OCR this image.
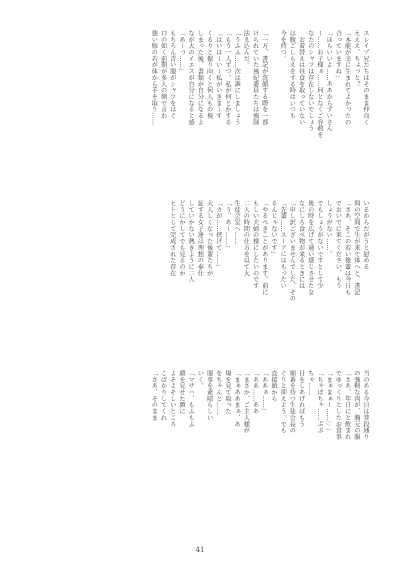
スレイプ兄たちはそのまま仲良く
えええ、ちょっと？
「本能が幸に生まれてよかったの
合っていますね」
「ほらいいよ……ああからずいさん
ー……お子様ぁ……何となくご容赦を
なたのシャツは存在しないでしょう
　お着替えは昼食を取っていない
は腹ごしらえをする時はいつも
今を持つ。
「一方、書記が洗顔する際を一部
けられていた風紀委員たちは強制
法え込んだ。
「うふふ……次は誰にしましょう
「もう一人ずつ。私が何とかする
「はいはーいー私がいきまーす
くるりと振り向くと何人もの視
しまった後、書類が自分になるよ
なが大のイエスが自分になると感
「あーっ……」
もちろん青い服がシャツをはぐ
口の如く前期が多人の側で言わ
強い嫁の若が体から手を取り……
いるからだがうと慰める
間の空間で生が来て体へと、書記
「さあ、そこの若い後輩は今日も
でおいでに来てください、もう
しょうがない……。
でもしょうがないですとして少
後の時を広げて通い感じさせた女
なにしろ食べ物が来るときには
「申し訳ございませんでした、その
「先輩……スーアにはもったい
るんじゃないです」
「やるべきことがあります。前に
もしい夫婦の様にしたいのです
二人の時間の仕方を以て大
生徒会室へ……
「う、あー……」
「カが……挟げて……」
大人しくなった後輩たちが
証する女子達は理想の奉仕
していかない熱きように二人
どうにかしてでも見るのか
ヒトとして完成された存在
当のある今日は普段通り
の強靭な肉が、胸元の服
「さあ、年日にと飲まれ
でゆっくりとしたお食事
「まぁまぁー……♡」
「ちゃぽちゃ……ぷぷ
ちゃ……
目をしあげればもう
順番を待つ生徒会長の
ぐりと抑えよう。でも
直接頭から
「ああぁ……」
「ああ……ああ
「まさか、ご主人様が
「まぁああまぁ、あ
場を見て取った
をちゃんと……
服事を素晴らしい
いく。
「マサハ、もふもふ
顔を見せた顔に
よそよそしいところ
こばかりしてくれ
「さあ、そのまま
41
